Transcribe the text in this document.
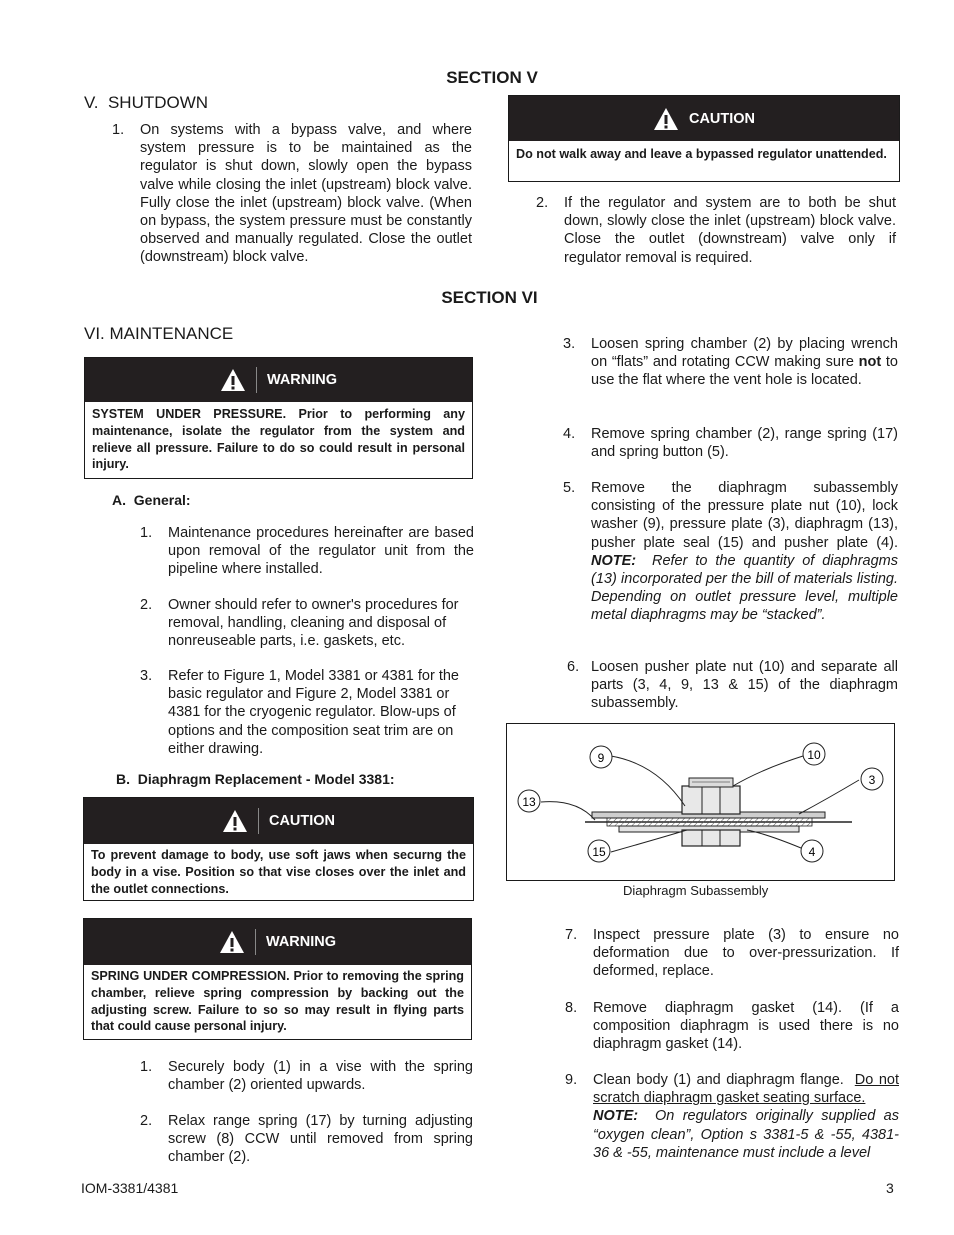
SECTION V
V.  SHUTDOWN
1. On systems with a bypass valve, and where system pressure is to be maintained as the regulator is shut down, slowly open the bypass valve while closing the inlet (upstream) block valve. Fully close the inlet (upstream) block valve. (When on bypass, the system pressure must be constantly observed and manually regulated. Close the outlet (downstream) block valve.
CAUTION
Do not walk away and leave a bypassed regulator unattended.
2. If the regulator and system are to both be shut down, slowly close the inlet (upstream) block valve. Close the outlet (downstream) valve only if regulator removal is required.
SECTION VI
VI. MAINTENANCE
WARNING
SYSTEM UNDER PRESSURE. Prior to performing any maintenance, isolate the regulator from the system and relieve all pressure. Failure to do so could result in personal injury.
A.  General:
1. Maintenance procedures hereinafter are based upon removal of the regulator unit from the pipeline where installed.
2. Owner should refer to owner's procedures for removal, handling, cleaning and disposal of nonreuseable parts, i.e. gaskets, etc.
3. Refer to Figure 1, Model 3381 or 4381 for the basic regulator and Figure 2, Model 3381 or 4381 for the cryogenic regulator. Blow-ups of options and the composition seat trim are on either drawing.
B.  Diaphragm Replacement - Model 3381:
CAUTION
To prevent damage to body, use soft jaws when securng the body in a vise. Position so that vise closes over the inlet and the outlet connections.
WARNING
SPRING UNDER COMPRESSION. Prior to removing the spring chamber, relieve spring compression by backing out the adjusting screw. Failure to so so may result in flying parts that could cause personal injury.
1. Securely body (1) in a vise with the spring chamber (2) oriented upwards.
2. Relax range spring (17) by turning adjusting screw (8) CCW until removed from spring chamber (2).
3. Loosen spring chamber (2) by placing wrench on “flats” and rotating CCW making sure not to use the flat where the vent hole is located.
4. Remove spring chamber (2), range spring (17) and spring button (5).
5. Remove the diaphragm subassembly consisting of the pressure plate nut (10), lock washer (9), pressure plate (3), diaphragm (13), pusher plate seal (15) and pusher plate (4).  NOTE:  Refer to the quantity of diaphragms (13) incorporated per the bill of materials listing.  Depending on outlet pressure level, multiple metal diaphragms may be “stacked”.
6. Loosen pusher plate nut (10) and separate all parts (3, 4, 9, 13 & 15) of the diaphragm subassembly.
9	10
3
13
15	4
Diaphragm Subassembly
7. Inspect pressure plate (3) to ensure no deformation due to over-pressurization. If deformed, replace.
8. Remove diaphragm gasket (14). (If a composition diaphragm is used there is no diaphragm gasket (14).
9. Clean body (1) and diaphragm flange.  Do not scratch diaphragm gasket seating surface.
NOTE:  On regulators originally supplied as “oxygen clean”, Option s 3381-5 & -55, 4381-36 & -55, maintenance must include a level
IOM-3381/4381	3
